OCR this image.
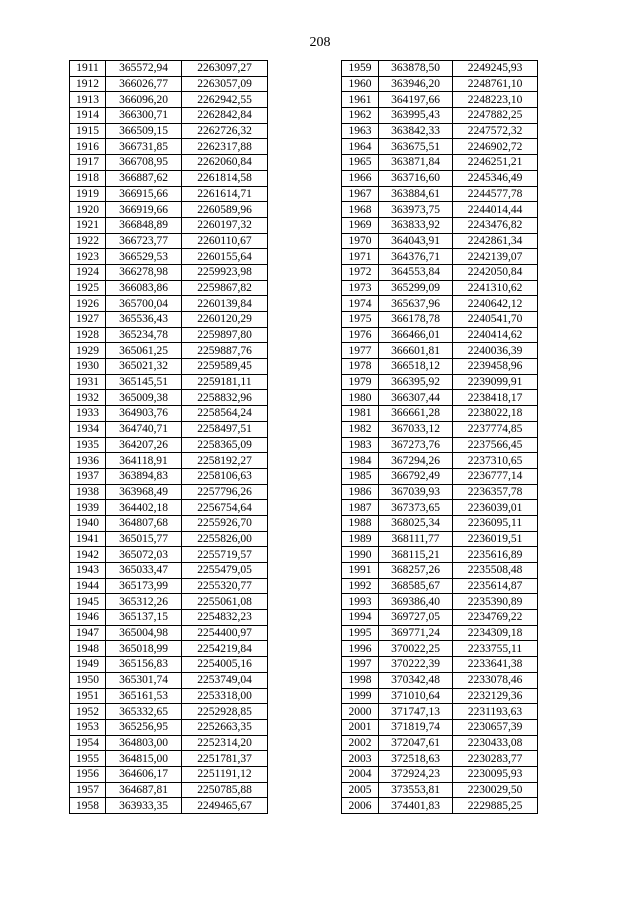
208
1911	365572,94	2263097,27
1912	366026,77	2263057,09
1913	366096,20	2262942,55
1914	366300,71	2262842,84
1915	366509,15	2262726,32
1916	366731,85	2262317,88
1917	366708,95	2262060,84
1918	366887,62	2261814,58
1919	366915,66	2261614,71
1920	366919,66	2260589,96
1921	366848,89	2260197,32
1922	366723,77	2260110,67
1923	366529,53	2260155,64
1924	366278,98	2259923,98
1925	366083,86	2259867,82
1926	365700,04	2260139,84
1927	365536,43	2260120,29
1928	365234,78	2259897,80
1929	365061,25	2259887,76
1930	365021,32	2259589,45
1931	365145,51	2259181,11
1932	365009,38	2258832,96
1933	364903,76	2258564,24
1934	364740,71	2258497,51
1935	364207,26	2258365,09
1936	364118,91	2258192,27
1937	363894,83	2258106,63
1938	363968,49	2257796,26
1939	364402,18	2256754,64
1940	364807,68	2255926,70
1941	365015,77	2255826,00
1942	365072,03	2255719,57
1943	365033,47	2255479,05
1944	365173,99	2255320,77
1945	365312,26	2255061,08
1946	365137,15	2254832,23
1947	365004,98	2254400,97
1948	365018,99	2254219,84
1949	365156,83	2254005,16
1950	365301,74	2253749,04
1951	365161,53	2253318,00
1952	365332,65	2252928,85
1953	365256,95	2252663,35
1954	364803,00	2252314,20
1955	364815,00	2251781,37
1956	364606,17	2251191,12
1957	364687,81	2250785,88
1958	363933,35	2249465,67
1959	363878,50	2249245,93
1960	363946,20	2248761,10
1961	364197,66	2248223,10
1962	363995,43	2247882,25
1963	363842,33	2247572,32
1964	363675,51	2246902,72
1965	363871,84	2246251,21
1966	363716,60	2245346,49
1967	363884,61	2244577,78
1968	363973,75	2244014,44
1969	363833,92	2243476,82
1970	364043,91	2242861,34
1971	364376,71	2242139,07
1972	364553,84	2242050,84
1973	365299,09	2241310,62
1974	365637,96	2240642,12
1975	366178,78	2240541,70
1976	366466,01	2240414,62
1977	366601,81	2240036,39
1978	366518,12	2239458,96
1979	366395,92	2239099,91
1980	366307,44	2238418,17
1981	366661,28	2238022,18
1982	367033,12	2237774,85
1983	367273,76	2237566,45
1984	367294,26	2237310,65
1985	366792,49	2236777,14
1986	367039,93	2236357,78
1987	367373,65	2236039,01
1988	368025,34	2236095,11
1989	368111,77	2236019,51
1990	368115,21	2235616,89
1991	368257,26	2235508,48
1992	368585,67	2235614,87
1993	369386,40	2235390,89
1994	369727,05	2234769,22
1995	369771,24	2234309,18
1996	370022,25	2233755,11
1997	370222,39	2233641,38
1998	370342,48	2233078,46
1999	371010,64	2232129,36
2000	371747,13	2231193,63
2001	371819,74	2230657,39
2002	372047,61	2230433,08
2003	372518,63	2230283,77
2004	372924,23	2230095,93
2005	373553,81	2230029,50
2006	374401,83	2229885,25
